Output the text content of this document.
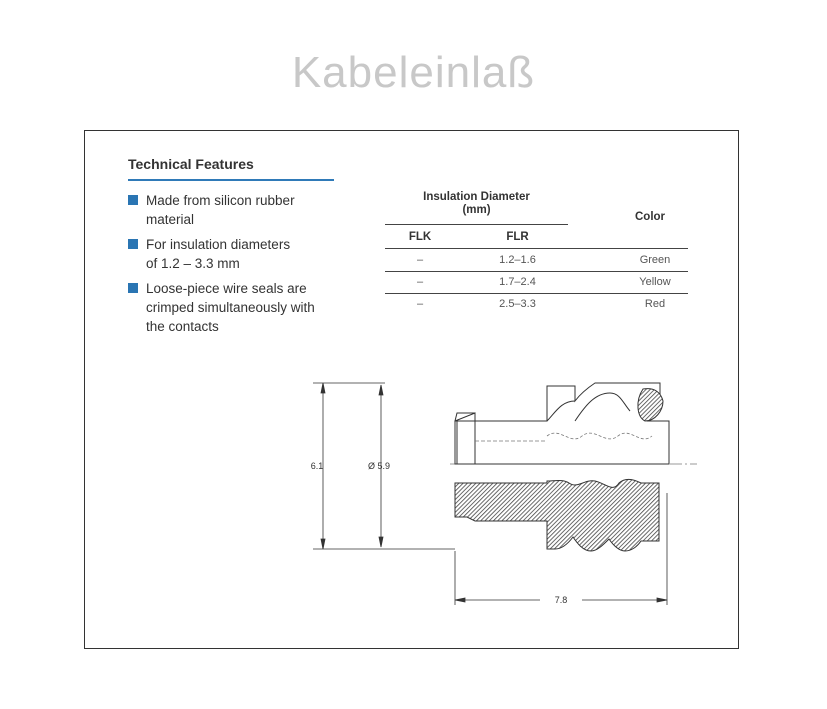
Kabeleinlaß
Technical Features
Made from silicon rubber
material
For insulation diameters
of 1.2 – 3.3 mm
Loose-piece wire seals are
crimped simultaneously with
the contacts
Insulation Diameter
(mm)
Color
FLK	FLR
–	1.2–1.6	Green
–	1.7–2.4	Yellow
–	2.5–3.3	Red
6.1	Ø 5.9
7.8
